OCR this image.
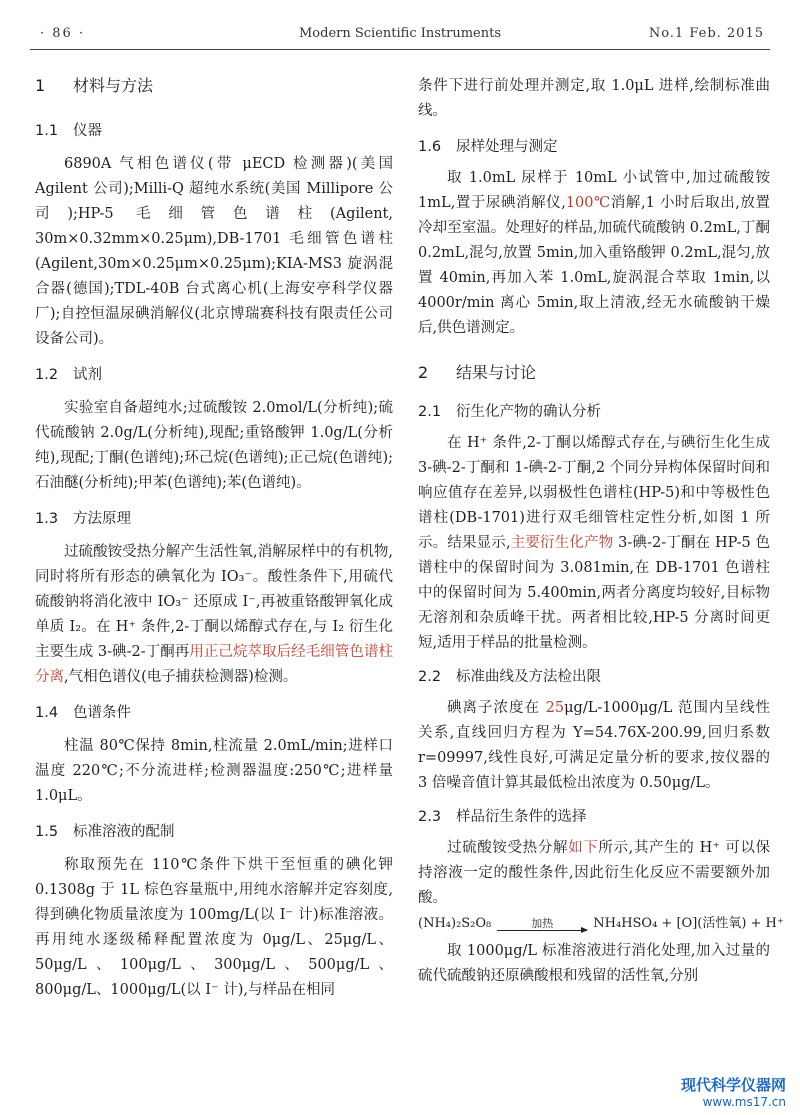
· 86 ·	Modern Scientific Instruments	No.1 Feb. 2015
1 材料与方法
1.1 仪器

6890A 气相色谱仪(带 μECD 检测器)(美国 Agilent 公司);Milli-Q 超纯水系统(美国 Millipore 公司);HP-5 毛细管色谱柱(Agilent, 30m×0.32mm×0.25μm),DB-1701 毛细管色谱柱(Agilent,30m×0.25μm×0.25μm);KIA-MS3 旋涡混合器(德国);TDL-40B 台式离心机(上海安亭科学仪器厂);自控恒温尿碘消解仪(北京博瑞赛科技有限责任公司设备公司)。

1.2 试剂

实验室自备超纯水;过硫酸铵 2.0mol/L(分析纯);硫代硫酸钠 2.0g/L(分析纯),现配;重铬酸钾 1.0g/L(分析纯),现配;丁酮(色谱纯);环己烷(色谱纯);正己烷(色谱纯);石油醚(分析纯);甲苯(色谱纯);苯(色谱纯)。

1.3 方法原理

过硫酸铵受热分解产生活性氧,消解尿样中的有机物,同时将所有形态的碘氧化为 IO₃⁻。酸性条件下,用硫代硫酸钠将消化液中 IO₃⁻ 还原成 I⁻,再被重铬酸钾氧化成单质 I₂。在 H⁺ 条件,2-丁酮以烯醇式存在,与 I₂ 衍生化主要生成 3-碘-2-丁酮再用正己烷萃取后经毛细管色谱柱分离,气相色谱仪(电子捕获检测器)检测。

1.4 色谱条件

柱温 80℃保持 8min,柱流量 2.0mL/min;进样口温度 220℃;不分流进样;检测器温度:250℃;进样量 1.0μL。

1.5 标准溶液的配制

称取预先在 110℃条件下烘干至恒重的碘化钾 0.1308g 于 1L 棕色容量瓶中,用纯水溶解并定容刻度,得到碘化物质量浓度为 100mg/L(以 I⁻ 计)标准溶液。再用纯水逐级稀释配置浓度为 0μg/L、25μg/L、50μg/L、100μg/L、300μg/L、500μg/L、800μg/L、1000μg/L(以 I⁻ 计),与样品在相同

条件下进行前处理并测定,取 1.0μL 进样,绘制标准曲线。

1.6 尿样处理与测定

取 1.0mL 尿样于 10mL 小试管中,加过硫酸铵 1mL,置于尿碘消解仪,100℃消解,1 小时后取出,放置冷却至室温。处理好的样品,加硫代硫酸钠 0.2mL,丁酮 0.2mL,混匀,放置 5min,加入重铬酸钾 0.2mL,混匀,放置 40min,再加入苯 1.0mL,旋涡混合萃取 1min,以 4000r/min 离心 5min,取上清液,经无水硫酸钠干燥后,供色谱测定。

2 结果与讨论
2.1 衍生化产物的确认分析

在 H⁺ 条件,2-丁酮以烯醇式存在,与碘衍生化生成 3-碘-2-丁酮和 1-碘-2-丁酮,2 个同分异构体保留时间和响应值存在差异,以弱极性色谱柱(HP-5)和中等极性色谱柱(DB-1701)进行双毛细管柱定性分析,如图 1 所示。结果显示,主要衍生化产物 3-碘-2-丁酮在 HP-5 色谱柱中的保留时间为 3.081min,在 DB-1701 色谱柱中的保留时间为 5.400min,两者分离度均较好,目标物无溶剂和杂质峰干扰。两者相比较,HP-5 分离时间更短,适用于样品的批量检测。

2.2 标准曲线及方法检出限

碘离子浓度在 25μg/L-1000μg/L 范围内呈线性关系,直线回归方程为 Y=54.76X-200.99,回归系数 r=09997,线性良好,可满足定量分析的要求,按仪器的 3 倍噪音值计算其最低检出浓度为 0.50μg/L。

2.3 样品衍生条件的选择

过硫酸铵受热分解如下所示,其产生的 H⁺ 可以保持溶液一定的酸性条件,因此衍生化反应不需要额外加酸。

(NH₄)₂S₂O₈	加热	NH₄HSO₄ + [O](活性氧) + H⁺

取 1000μg/L 标准溶液进行消化处理,加入过量的硫代硫酸钠还原碘酸根和残留的活性氧,分别

现代科学仪器网
www.ms17.cn
